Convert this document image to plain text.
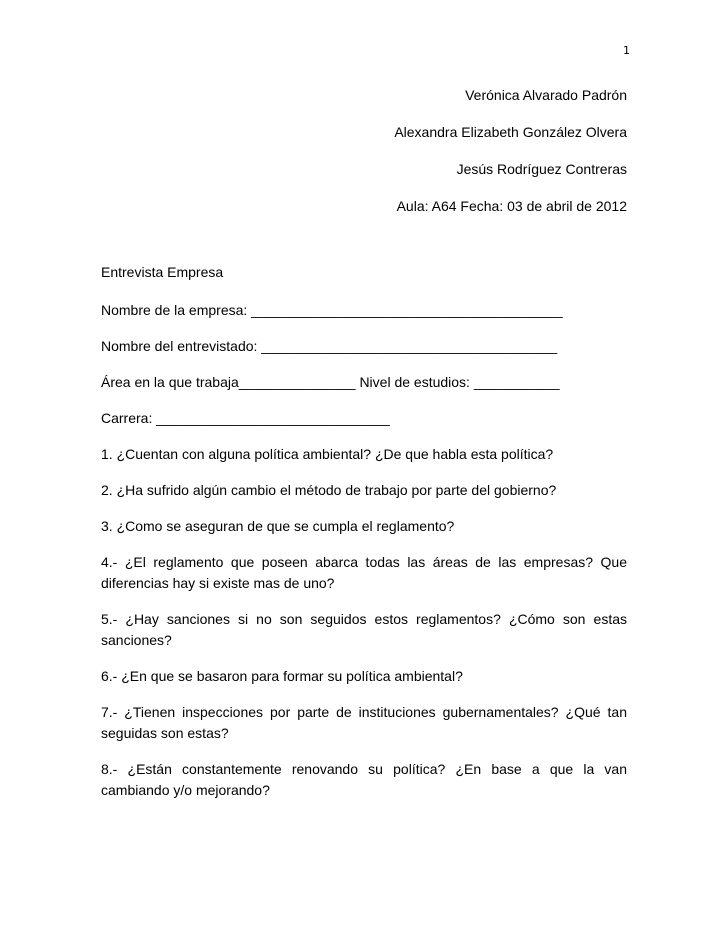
1
Verónica Alvarado Padrón
Alexandra Elizabeth González Olvera
Jesús Rodríguez Contreras
Aula: A64 Fecha: 03 de abril de 2012

Entrevista Empresa

Nombre de la empresa: ________________________________________

Nombre del entrevistado: ______________________________________

Área en la que trabaja_______________ Nivel de estudios: ___________

Carrera: ______________________________

1. ¿Cuentan con alguna política ambiental? ¿De que habla esta política?

2. ¿Ha sufrido algún cambio el método de trabajo por parte del gobierno?

3. ¿Como se aseguran de que se cumpla el reglamento?

4.- ¿El reglamento que poseen abarca todas las áreas de las empresas? Que diferencias hay si existe mas de uno?

5.- ¿Hay sanciones si no son seguidos estos reglamentos? ¿Cómo son estas sanciones?

6.- ¿En que se basaron para formar su política ambiental?

7.- ¿Tienen inspecciones por parte de instituciones gubernamentales? ¿Qué tan seguidas son estas?

8.- ¿Están constantemente renovando su política? ¿En base a que la van cambiando y/o mejorando?
